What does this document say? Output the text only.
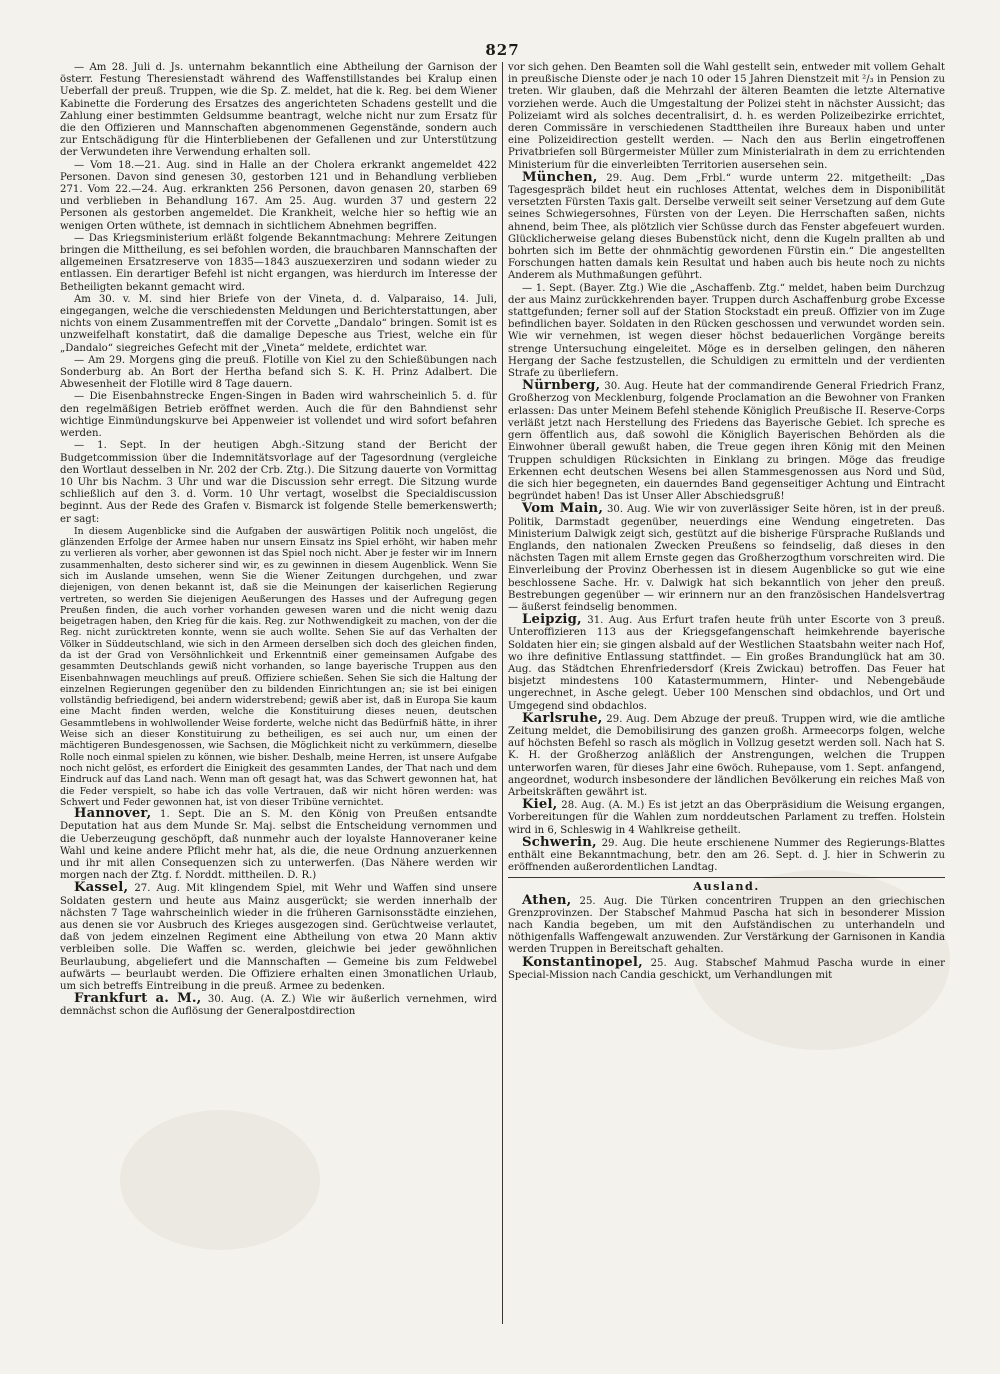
827

— Am 28. Juli d. Js. unternahm bekanntlich eine Abtheilung der Garnison der österr. Festung Theresienstadt während des Waffenstillstandes bei Kralup einen Ueberfall der preuß. Truppen, wie die Sp. Z. meldet, hat die k. Reg. bei dem Wiener Kabinette die Forderung des Ersatzes des angerichteten Schadens gestellt und die Zahlung einer bestimmten Geldsumme beantragt, welche nicht nur zum Ersatz für die den Offizieren und Mannschaften abgenommenen Gegenstände, sondern auch zur Entschädigung für die Hinterbliebenen der Gefallenen und zur Unterstützung der Verwundeten ihre Verwendung erhalten soll.

— Vom 18.—21. Aug. sind in Halle an der Cholera erkrankt angemeldet 422 Personen. Davon sind genesen 30, gestorben 121 und in Behandlung verblieben 271. Vom 22.—24. Aug. erkrankten 256 Personen, davon genasen 20, starben 69 und verblieben in Behandlung 167. Am 25. Aug. wurden 37 und gestern 22 Personen als gestorben angemeldet. Die Krankheit, welche hier so heftig wie an wenigen Orten wüthete, ist demnach in sichtlichem Abnehmen begriffen.

— Das Kriegsministerium erläßt folgende Bekanntmachung: Mehrere Zeitungen bringen die Mittheilung, es sei befohlen worden, die brauchbaren Mannschaften der allgemeinen Ersatzreserve von 1835—1843 auszuexerziren und sodann wieder zu entlassen. Ein derartiger Befehl ist nicht ergangen, was hierdurch im Interesse der Betheiligten bekannt gemacht wird.

Am 30. v. M. sind hier Briefe von der Vineta, d. d. Valparaiso, 14. Juli, eingegangen, welche die verschiedensten Meldungen und Berichterstattungen, aber nichts von einem Zusammentreffen mit der Corvette „Dandalo“ bringen. Somit ist es unzweifelhaft konstatirt, daß die damalige Depesche aus Triest, welche ein für „Dandalo“ siegreiches Gefecht mit der „Vineta“ meldete, erdichtet war.

— Am 29. Morgens ging die preuß. Flotille von Kiel zu den Schießübungen nach Sonderburg ab. An Bort der Hertha befand sich S. K. H. Prinz Adalbert. Die Abwesenheit der Flotille wird 8 Tage dauern.

— Die Eisenbahnstrecke Engen-Singen in Baden wird wahrscheinlich 5. d. für den regelmäßigen Betrieb eröffnet werden. Auch die für den Bahndienst sehr wichtige Einmündungskurve bei Appenweier ist vollendet und wird sofort befahren werden.

— 1. Sept. In der heutigen Abgh.-Sitzung stand der Bericht der Budgetcommission über die Indemnitätsvorlage auf der Tagesordnung (vergleiche den Wortlaut desselben in Nr. 202 der Crb. Ztg.). Die Sitzung dauerte von Vormittag 10 Uhr bis Nachm. 3 Uhr und war die Discussion sehr erregt. Die Sitzung wurde schließlich auf den 3. d. Vorm. 10 Uhr vertagt, woselbst die Specialdiscussion beginnt. Aus der Rede des Grafen v. Bismarck ist folgende Stelle bemerkenswerth; er sagt:

In diesem Augenblicke sind die Aufgaben der auswärtigen Politik noch ungelöst, die glänzenden Erfolge der Armee haben nur unsern Einsatz ins Spiel erhöht, wir haben mehr zu verlieren als vorher, aber gewonnen ist das Spiel noch nicht. Aber je fester wir im Innern zusammenhalten, desto sicherer sind wir, es zu gewinnen in diesem Augenblick. Wenn Sie sich im Auslande umsehen, wenn Sie die Wiener Zeitungen durchgehen, und zwar diejenigen, von denen bekannt ist, daß sie die Meinungen der kaiserlichen Regierung vertreten, so werden Sie diejenigen Aeußerungen des Hasses und der Aufregung gegen Preußen finden, die auch vorher vorhanden gewesen waren und die nicht wenig dazu beigetragen haben, den Krieg für die kais. Reg. zur Nothwendigkeit zu machen, von der die Reg. nicht zurücktreten konnte, wenn sie auch wollte. Sehen Sie auf das Verhalten der Völker in Süddeutschland, wie sich in den Armeen derselben sich doch des gleichen finden, da ist der Grad von Versöhnlichkeit und Erkenntniß einer gemeinsamen Aufgabe des gesammten Deutschlands gewiß nicht vorhanden, so lange bayerische Truppen aus den Eisenbahnwagen meuchlings auf preuß. Offiziere schießen. Sehen Sie sich die Haltung der einzelnen Regierungen gegenüber den zu bildenden Einrichtungen an; sie ist bei einigen vollständig befriedigend, bei andern widerstrebend; gewiß aber ist, daß in Europa Sie kaum eine Macht finden werden, welche die Konstituirung dieses neuen, deutschen Gesammtlebens in wohlwollender Weise forderte, welche nicht das Bedürfniß hätte, in ihrer Weise sich an dieser Konstituirung zu betheiligen, es sei auch nur, um einen der mächtigeren Bundesgenossen, wie Sachsen, die Möglichkeit nicht zu verkümmern, dieselbe Rolle noch einmal spielen zu können, wie bisher. Deshalb, meine Herren, ist unsere Aufgabe noch nicht gelöst, es erfordert die Einigkeit des gesammten Landes, der That nach und dem Eindruck auf das Land nach. Wenn man oft gesagt hat, was das Schwert gewonnen hat, hat die Feder verspielt, so habe ich das volle Vertrauen, daß wir nicht hören werden: was Schwert und Feder gewonnen hat, ist von dieser Tribüne vernichtet.

Hannover, 1. Sept. Die an S. M. den König von Preußen entsandte Deputation hat aus dem Munde Sr. Maj. selbst die Entscheidung vernommen und die Ueberzeugung geschöpft, daß nunmehr auch der loyalste Hannoveraner keine Wahl und keine andere Pflicht mehr hat, als die, die neue Ordnung anzuerkennen und ihr mit allen Consequenzen sich zu unterwerfen. (Das Nähere werden wir morgen nach der Ztg. f. Norddt. mittheilen. D. R.)

Kassel, 27. Aug. Mit klingendem Spiel, mit Wehr und Waffen sind unsere Soldaten gestern und heute aus Mainz ausgerückt; sie werden innerhalb der nächsten 7 Tage wahrscheinlich wieder in die früheren Garnisonsstädte einziehen, aus denen sie vor Ausbruch des Krieges ausgezogen sind. Gerüchtweise verlautet, daß von jedem einzelnen Regiment eine Abtheilung von etwa 20 Mann aktiv verbleiben solle. Die Waffen sc. werden, gleichwie bei jeder gewöhnlichen Beurlaubung, abgeliefert und die Mannschaften — Gemeine bis zum Feldwebel aufwärts — beurlaubt werden. Die Offiziere erhalten einen 3monatlichen Urlaub, um sich betreffs Eintreibung in die preuß. Armee zu bedenken.

Frankfurt a. M., 30. Aug. (A. Z.) Wie wir äußerlich vernehmen, wird demnächst schon die Auflösung der Generalpostdirection

vor sich gehen. Den Beamten soll die Wahl gestellt sein, entweder mit vollem Gehalt in preußische Dienste oder je nach 10 oder 15 Jahren Dienstzeit mit ²/₃ in Pension zu treten. Wir glauben, daß die Mehrzahl der älteren Beamten die letzte Alternative vorziehen werde. Auch die Umgestaltung der Polizei steht in nächster Aussicht; das Polizeiamt wird als solches decentralisirt, d. h. es werden Polizeibezirke errichtet, deren Commissäre in verschiedenen Stadttheilen ihre Bureaux haben und unter eine Polizeidirection gestellt werden. — Nach den aus Berlin eingetroffenen Privatbriefen soll Bürgermeister Müller zum Ministerialrath in dem zu errichtenden Ministerium für die einverleibten Territorien ausersehen sein.

München, 29. Aug. Dem „Frbl.“ wurde unterm 22. mitgetheilt: „Das Tagesgespräch bildet heut ein ruchloses Attentat, welches dem in Disponibilität versetzten Fürsten Taxis galt. Derselbe verweilt seit seiner Versetzung auf dem Gute seines Schwiegersohnes, Fürsten von der Leyen. Die Herrschaften saßen, nichts ahnend, beim Thee, als plötzlich vier Schüsse durch das Fenster abgefeuert wurden. Glücklicherweise gelang dieses Bubenstück nicht, denn die Kugeln prallten ab und bohrten sich im Bette der ohnmächtig gewordenen Fürstin ein.“ Die angestellten Forschungen hatten damals kein Resultat und haben auch bis heute noch zu nichts Anderem als Muthmaßungen geführt.

— 1. Sept. (Bayer. Ztg.) Wie die „Aschaffenb. Ztg.“ meldet, haben beim Durchzug der aus Mainz zurückkehrenden bayer. Truppen durch Aschaffenburg grobe Excesse stattgefunden; ferner soll auf der Station Stockstadt ein preuß. Offizier von im Zuge befindlichen bayer. Soldaten in den Rücken geschossen und verwundet worden sein. Wie wir vernehmen, ist wegen dieser höchst bedauerlichen Vorgänge bereits strenge Untersuchung eingeleitet. Möge es in derselben gelingen, den näheren Hergang der Sache festzustellen, die Schuldigen zu ermitteln und der verdienten Strafe zu überliefern.

Nürnberg, 30. Aug. Heute hat der commandirende General Friedrich Franz, Großherzog von Mecklenburg, folgende Proclamation an die Bewohner von Franken erlassen: Das unter Meinem Befehl stehende Königlich Preußische II. Reserve-Corps verläßt jetzt nach Herstellung des Friedens das Bayerische Gebiet. Ich spreche es gern öffentlich aus, daß sowohl die Königlich Bayerischen Behörden als die Einwohner überall gewußt haben, die Treue gegen ihren König mit den Meinen Truppen schuldigen Rücksichten in Einklang zu bringen. Möge das freudige Erkennen echt deutschen Wesens bei allen Stammesgenossen aus Nord und Süd, die sich hier begegneten, ein dauerndes Band gegenseitiger Achtung und Eintracht begründet haben! Das ist Unser Aller Abschiedsgruß!

Vom Main, 30. Aug. Wie wir von zuverlässiger Seite hören, ist in der preuß. Politik, Darmstadt gegenüber, neuerdings eine Wendung eingetreten. Das Ministerium Dalwigk zeigt sich, gestützt auf die bisherige Fürsprache Rußlands und Englands, den nationalen Zwecken Preußens so feindselig, daß dieses in den nächsten Tagen mit allem Ernste gegen das Großherzogthum vorschreiten wird. Die Einverleibung der Provinz Oberhessen ist in diesem Augenblicke so gut wie eine beschlossene Sache. Hr. v. Dalwigk hat sich bekanntlich von jeher den preuß. Bestrebungen gegenüber — wir erinnern nur an den französischen Handelsvertrag — äußerst feindselig benommen.

Leipzig, 31. Aug. Aus Erfurt trafen heute früh unter Escorte von 3 preuß. Unteroffizieren 113 aus der Kriegsgefangenschaft heimkehrende bayerische Soldaten hier ein; sie gingen alsbald auf der Westlichen Staatsbahn weiter nach Hof, wo ihre definitive Entlassung stattfindet. — Ein großes Brandunglück hat am 30. Aug. das Städtchen Ehrenfriedersdorf (Kreis Zwickau) betroffen. Das Feuer hat bisjetzt mindestens 100 Katastermummern, Hinter- und Nebengebäude ungerechnet, in Asche gelegt. Ueber 100 Menschen sind obdachlos, und Ort und Umgegend sind obdachlos.

Karlsruhe, 29. Aug. Dem Abzuge der preuß. Truppen wird, wie die amtliche Zeitung meldet, die Demobilisirung des ganzen großh. Armeecorps folgen, welche auf höchsten Befehl so rasch als möglich in Vollzug gesetzt werden soll. Nach hat S. K. H. der Großherzog anläßlich der Anstrengungen, welchen die Truppen unterworfen waren, für dieses Jahr eine 6wöch. Ruhepause, vom 1. Sept. anfangend, angeordnet, wodurch insbesondere der ländlichen Bevölkerung ein reiches Maß von Arbeitskräften gewährt ist.

Kiel, 28. Aug. (A. M.) Es ist jetzt an das Oberpräsidium die Weisung ergangen, Vorbereitungen für die Wahlen zum norddeutschen Parlament zu treffen. Holstein wird in 6, Schleswig in 4 Wahlkreise getheilt.

Schwerin, 29. Aug. Die heute erschienene Nummer des Regierungs-Blattes enthält eine Bekanntmachung, betr. den am 26. Sept. d. J. hier in Schwerin zu eröffnenden außerordentlichen Landtag.

Ausland.

Athen, 25. Aug. Die Türken concentriren Truppen an den griechischen Grenzprovinzen. Der Stabschef Mahmud Pascha hat sich in besonderer Mission nach Kandia begeben, um mit den Aufständischen zu unterhandeln und nöthigenfalls Waffengewalt anzuwenden. Zur Verstärkung der Garnisonen in Kandia werden Truppen in Bereitschaft gehalten.

Konstantinopel, 25. Aug. Stabschef Mahmud Pascha wurde in einer Special-Mission nach Candia geschickt, um Verhandlungen mit
